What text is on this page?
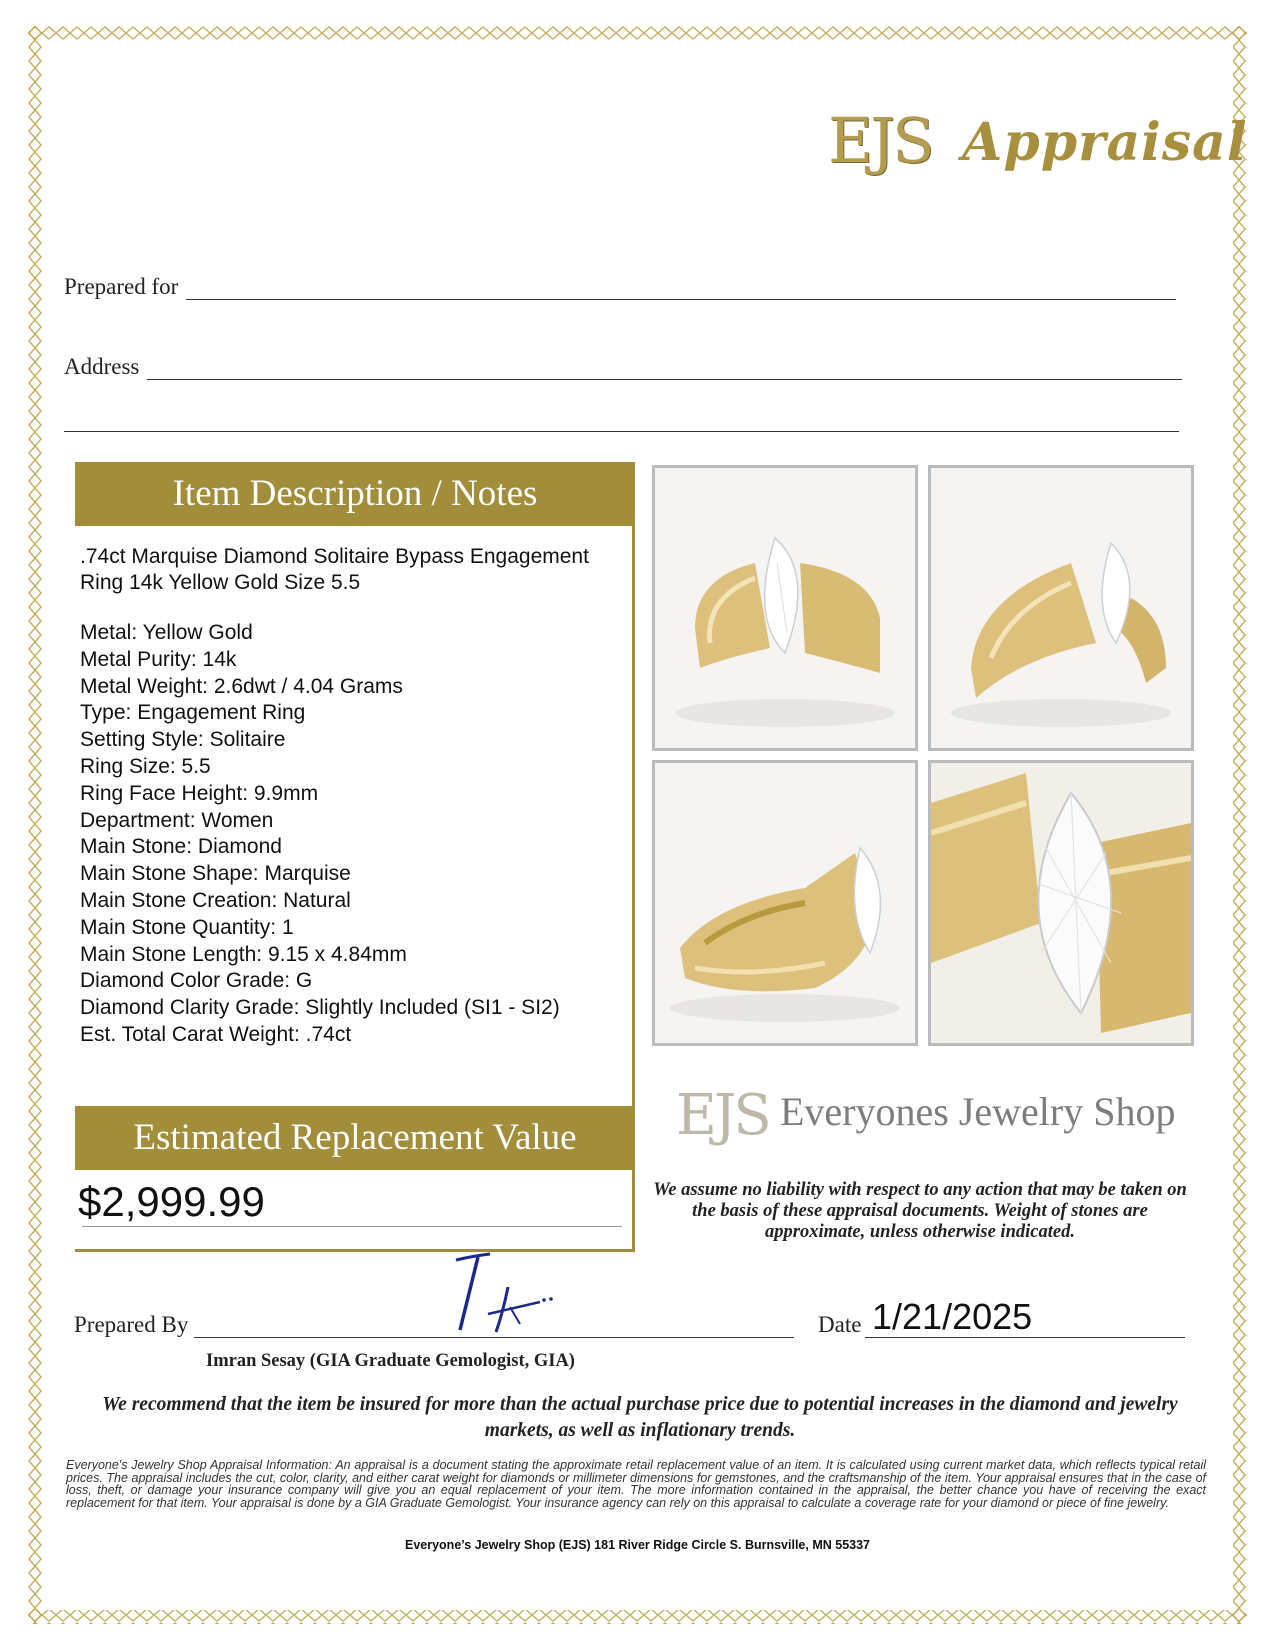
EJS Appraisal
Prepared for
Address
Item Description / Notes
.74ct Marquise Diamond Solitaire Bypass Engagement Ring 14k Yellow Gold Size 5.5
Metal: Yellow Gold
Metal Purity: 14k
Metal Weight: 2.6dwt / 4.04 Grams
Type: Engagement Ring
Setting Style: Solitaire
Ring Size: 5.5
Ring Face Height: 9.9mm
Department: Women
Main Stone: Diamond
Main Stone Shape: Marquise
Main Stone Creation: Natural
Main Stone Quantity: 1
Main Stone Length: 9.15 x 4.84mm
Diamond Color Grade: G
Diamond Clarity Grade: Slightly Included (SI1 - SI2)
Est. Total Carat Weight: .74ct
Estimated Replacement Value
$2,999.99
EJS Everyones Jewelry Shop
We assume no liability with respect to any action that may be taken on the basis of these appraisal documents. Weight of stones are approximate, unless otherwise indicated.
Prepared By	Date 1/21/2025
Imran Sesay (GIA Graduate Gemologist, GIA)
We recommend that the item be insured for more than the actual purchase price due to potential increases in the diamond and jewelry markets, as well as inflationary trends.
Everyone's Jewelry Shop Appraisal Information: An appraisal is a document stating the approximate retail replacement value of an item. It is calculated using current market data, which reflects typical retail prices. The appraisal includes the cut, color, clarity, and either carat weight for diamonds or millimeter dimensions for gemstones, and the craftsmanship of the item. Your appraisal ensures that in the case of loss, theft, or damage your insurance company will give you an equal replacement of your item. The more information contained in the appraisal, the better chance you have of receiving the exact replacement for that item. Your appraisal is done by a GIA Graduate Gemologist. Your insurance agency can rely on this appraisal to calculate a coverage rate for your diamond or piece of fine jewelry.
Everyone’s Jewelry Shop (EJS) 181 River Ridge Circle S. Burnsville, MN 55337
